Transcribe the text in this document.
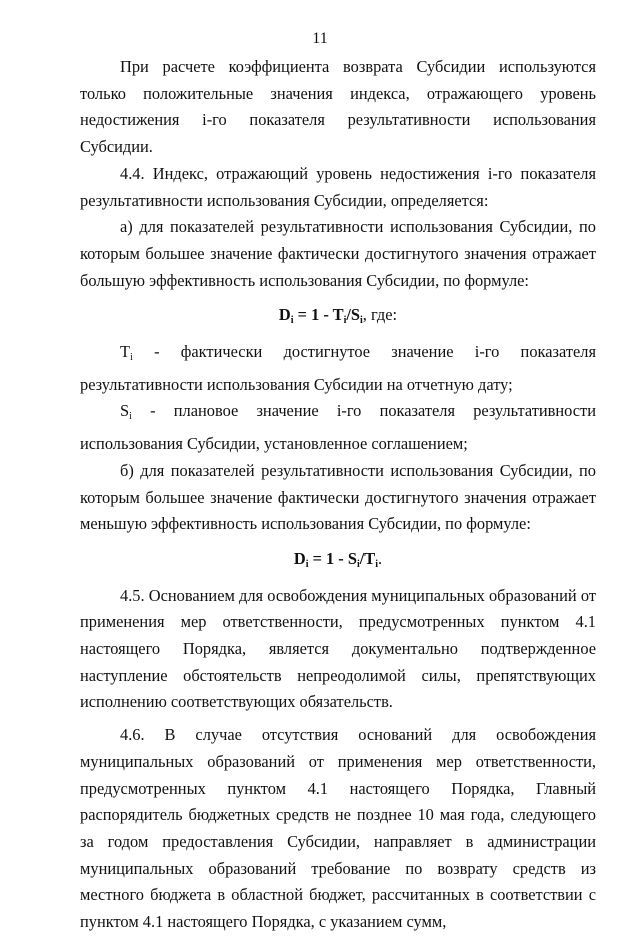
11

При расчете коэффициента возврата Субсидии используются только положительные значения индекса, отражающего уровень недостижения i-го показателя результативности использования Субсидии.

4.4. Индекс, отражающий уровень недостижения i-го показателя результативности использования Субсидии, определяется:

а) для показателей результативности использования Субсидии, по которым большее значение фактически достигнутого значения отражает большую эффективность использования Субсидии, по формуле:

$D_i = 1 - T_i/S_i$, где:

$T_i$ - фактически достигнутое значение i-го показателя результативности использования Субсидии на отчетную дату;

$S_i$ - плановое значение i-го показателя результативности использования Субсидии, установленное соглашением;

б) для показателей результативности использования Субсидии, по которым большее значение фактически достигнутого значения отражает меньшую эффективность использования Субсидии, по формуле:

$D_i = 1 - S_i/T_i$.

4.5. Основанием для освобождения муниципальных образований от применения мер ответственности, предусмотренных пунктом 4.1 настоящего Порядка, является документально подтвержденное наступление обстоятельств непреодолимой силы, препятствующих исполнению соответствующих обязательств.

4.6. В случае отсутствия оснований для освобождения муниципальных образований от применения мер ответственности, предусмотренных пунктом 4.1 настоящего Порядка, Главный распорядитель бюджетных средств не позднее 10 мая года, следующего за годом предоставления Субсидии, направляет в администрации муниципальных образований требование по возврату средств из местного бюджета в областной бюджет, рассчитанных в соответствии с пунктом 4.1 настоящего Порядка, с указанием сумм,
